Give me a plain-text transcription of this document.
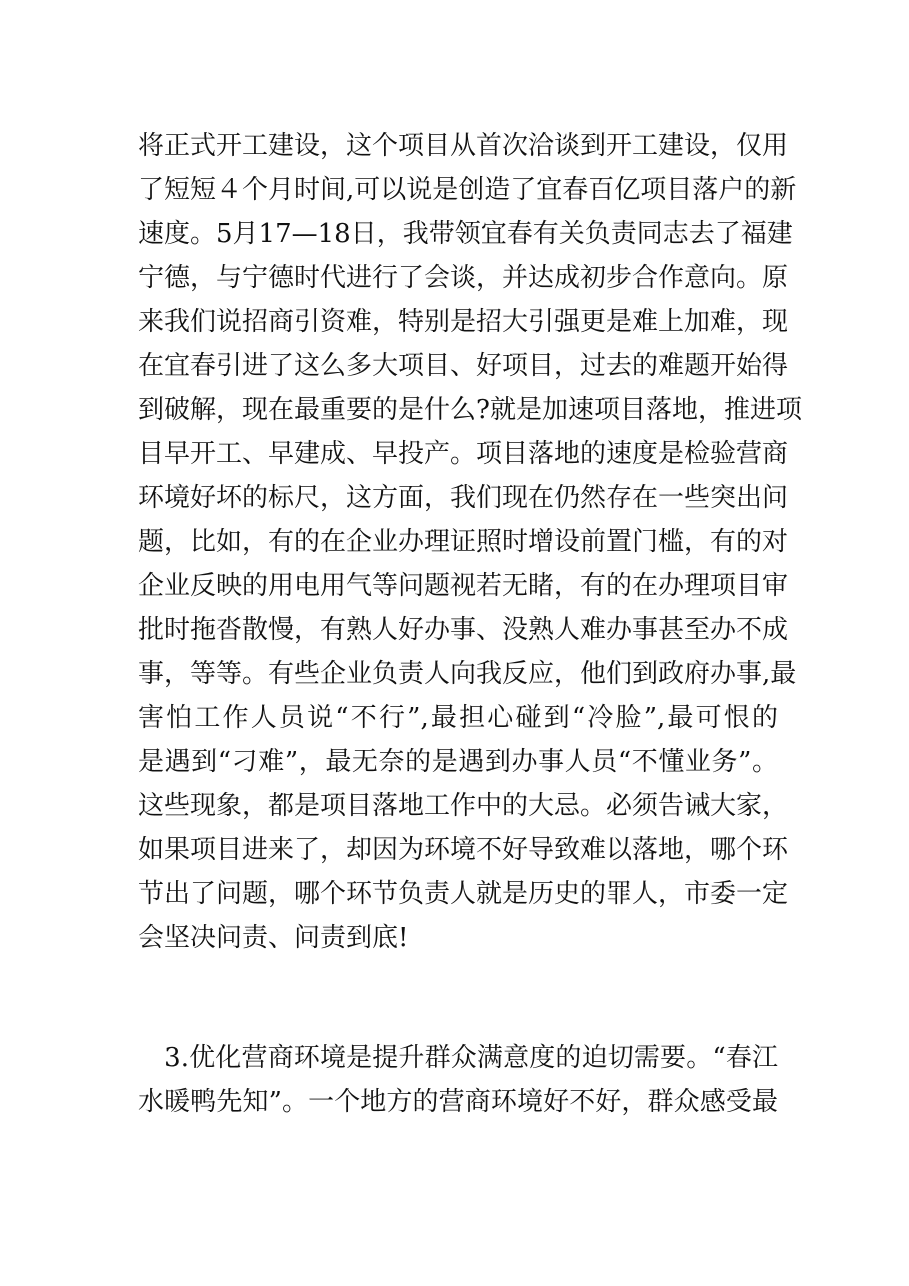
将正式开工建设，这个项目从首次洽谈到开工建设，仅用
了短短４个月时间,可以说是创造了宜春百亿项目落户的新
速度。5月17—18日，我带领宜春有关负责同志去了福建
宁德，与宁德时代进行了会谈，并达成初步合作意向。原
来我们说招商引资难，特别是招大引强更是难上加难，现
在宜春引进了这么多大项目、好项目，过去的难题开始得
到破解，现在最重要的是什么?就是加速项目落地，推进项
目早开工、早建成、早投产。项目落地的速度是检验营商
环境好坏的标尺，这方面，我们现在仍然存在一些突出问
题，比如，有的在企业办理证照时增设前置门槛，有的对
企业反映的用电用气等问题视若无睹，有的在办理项目审
批时拖沓散慢，有熟人好办事、没熟人难办事甚至办不成
事，等等。有些企业负责人向我反应，他们到政府办事,最
害怕工作人员说“不行”,最担心碰到“冷脸”,最可恨的
是遇到“刁难”，最无奈的是遇到办事人员“不懂业务”。
这些现象，都是项目落地工作中的大忌。必须告诫大家，
如果项目进来了，却因为环境不好导致难以落地，哪个环
节出了问题，哪个环节负责人就是历史的罪人，市委一定
会坚决问责、问责到底!
　3.优化营商环境是提升群众满意度的迫切需要。“春江
水暖鸭先知”。一个地方的营商环境好不好，群众感受最
